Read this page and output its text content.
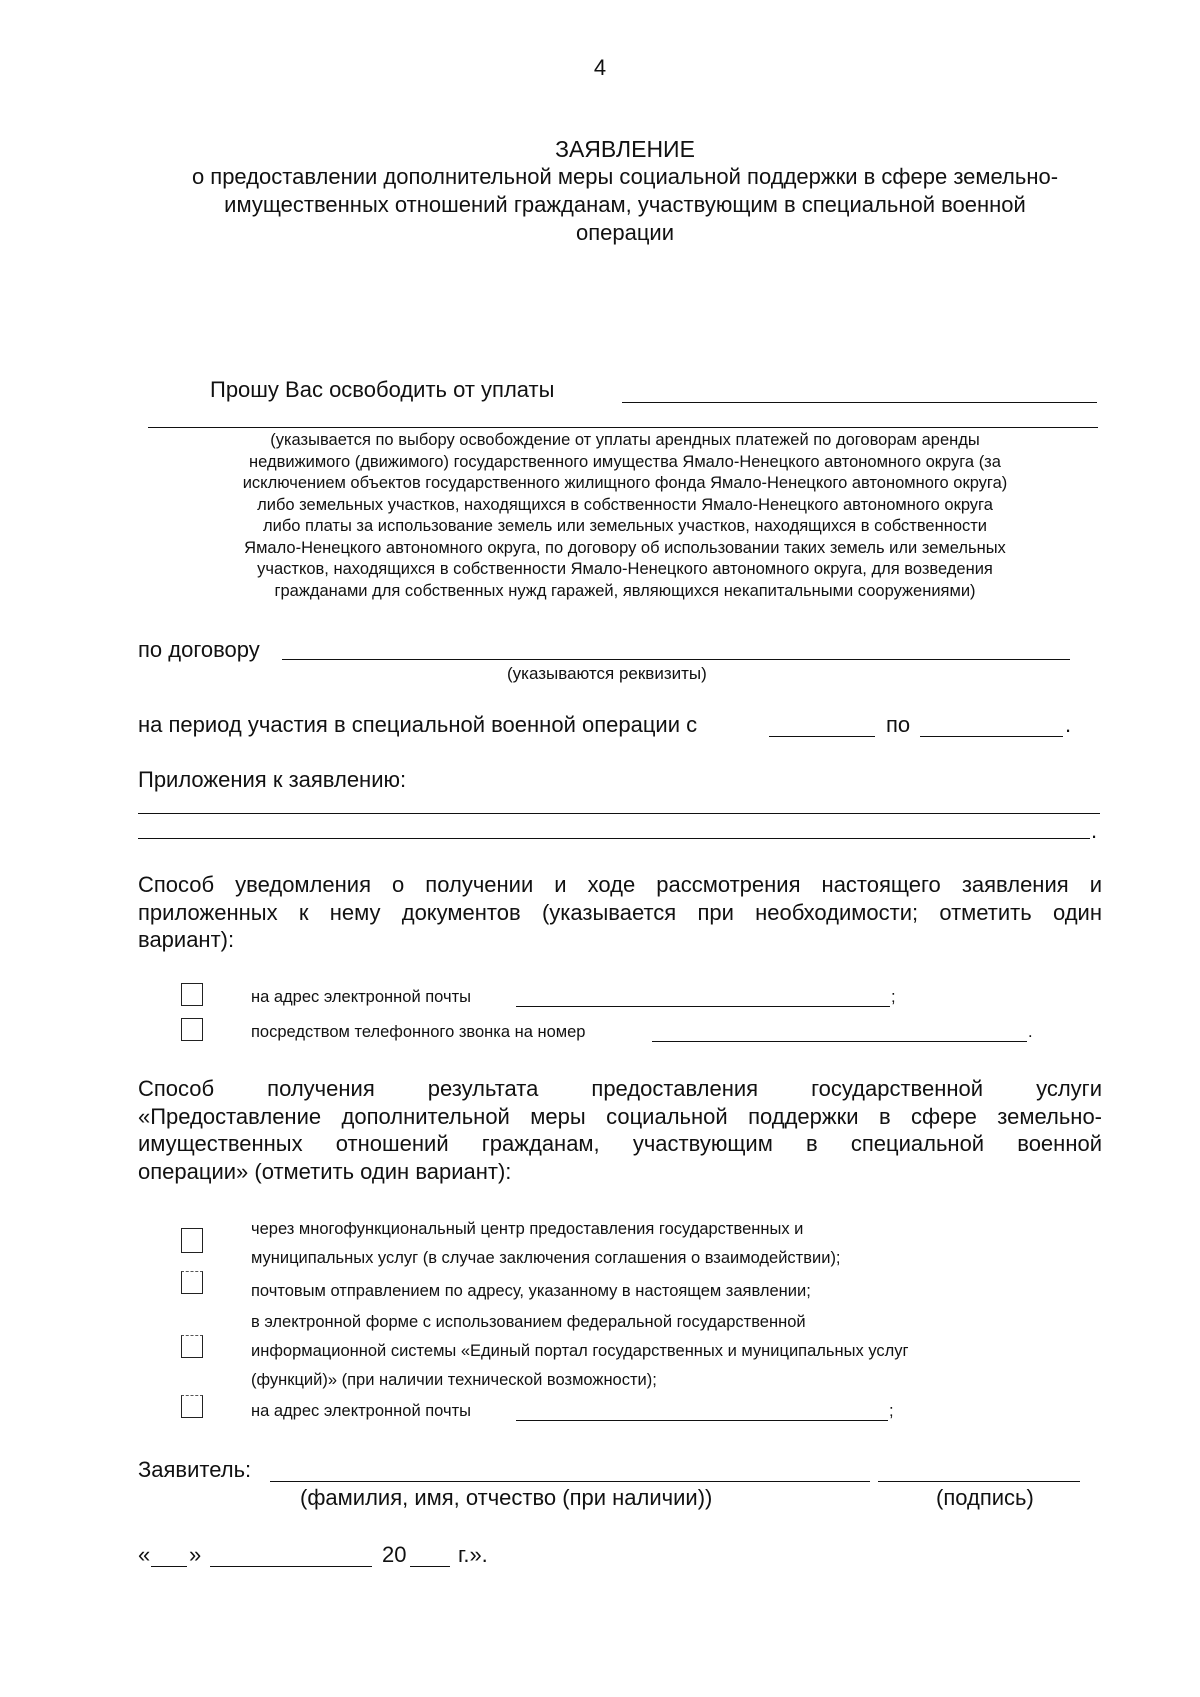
4
ЗАЯВЛЕНИЕ
о предоставлении дополнительной меры социальной поддержки в сфере земельно-
имущественных отношений гражданам, участвующим в специальной военной
операции
Прошу Вас освободить от уплаты
(указывается по выбору освобождение от уплаты арендных платежей по договорам аренды
недвижимого (движимого) государственного имущества Ямало-Ненецкого автономного округа (за
исключением объектов государственного жилищного фонда Ямало-Ненецкого автономного округа)
либо земельных участков, находящихся в собственности Ямало-Ненецкого автономного округа
либо платы за использование земель или земельных участков, находящихся в собственности
Ямало-Ненецкого автономного округа, по договору об использовании таких земель или земельных
участков, находящихся в собственности Ямало-Ненецкого автономного округа, для возведения
гражданами для собственных нужд гаражей, являющихся некапитальными сооружениями)
по договору
(указываются реквизиты)
на период участия в специальной военной операции с	по	.
Приложения к заявлению:
.
Способ уведомления о получении и ходе рассмотрения настоящего заявления и
приложенных к нему документов (указывается при необходимости; отметить один
вариант):
на адрес электронной почты	;
посредством телефонного звонка на номер	.
Способ получения результата предоставления государственной услуги
«Предоставление дополнительной меры социальной поддержки в сфере земельно-
имущественных отношений гражданам, участвующим в специальной военной
операции» (отметить один вариант):
через многофункциональный центр предоставления государственных и
муниципальных услуг (в случае заключения соглашения о взаимодействии);
почтовым отправлением по адресу, указанному в настоящем заявлении;
в электронной форме с использованием федеральной государственной
информационной системы «Единый портал государственных и муниципальных услуг
(функций)» (при наличии технической возможности);
на адрес электронной почты	;
Заявитель:
(фамилия, имя, отчество (при наличии))	(подпись)
« »	20 г.».
